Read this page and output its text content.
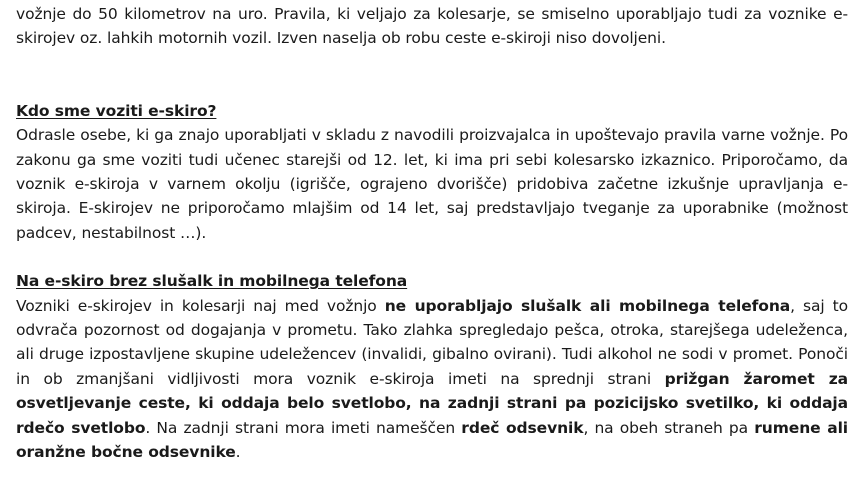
vožnje do 50 kilometrov na uro. Pravila, ki veljajo za kolesarje, se smiselno uporabljajo tudi za voznike e-skirojev oz. lahkih motornih vozil. Izven naselja ob robu ceste e-skiroji niso dovoljeni.

Kdo sme voziti e-skiro?

Odrasle osebe, ki ga znajo uporabljati v skladu z navodili proizvajalca in upoštevajo pravila varne vožnje. Po zakonu ga sme voziti tudi učenec starejši od 12. let, ki ima pri sebi kolesarsko izkaznico. Priporočamo, da voznik e-skiroja v varnem okolju (igrišče, ograjeno dvorišče) pridobiva začetne izkušnje upravljanja e-skiroja. E-skirojev ne priporočamo mlajšim od 14 let, saj predstavljajo tveganje za uporabnike (možnost padcev, nestabilnost …).

Na e-skiro brez slušalk in mobilnega telefona

Vozniki e-skirojev in kolesarji naj med vožnjo ne uporabljajo slušalk ali mobilnega telefona, saj to odvrača pozornost od dogajanja v prometu. Tako zlahka spregledajo pešca, otroka, starejšega udeleženca, ali druge izpostavljene skupine udeležencev (invalidi, gibalno ovirani). Tudi alkohol ne sodi v promet. Ponoči in ob zmanjšani vidljivosti mora voznik e-skiroja imeti na sprednji strani prižgan žaromet za osvetljevanje ceste, ki oddaja belo svetlobo, na zadnji strani pa pozicijsko svetilko, ki oddaja rdečo svetlobo. Na zadnji strani mora imeti nameščen rdeč odsevnik, na obeh straneh pa rumene ali oranžne bočne odsevnike.
